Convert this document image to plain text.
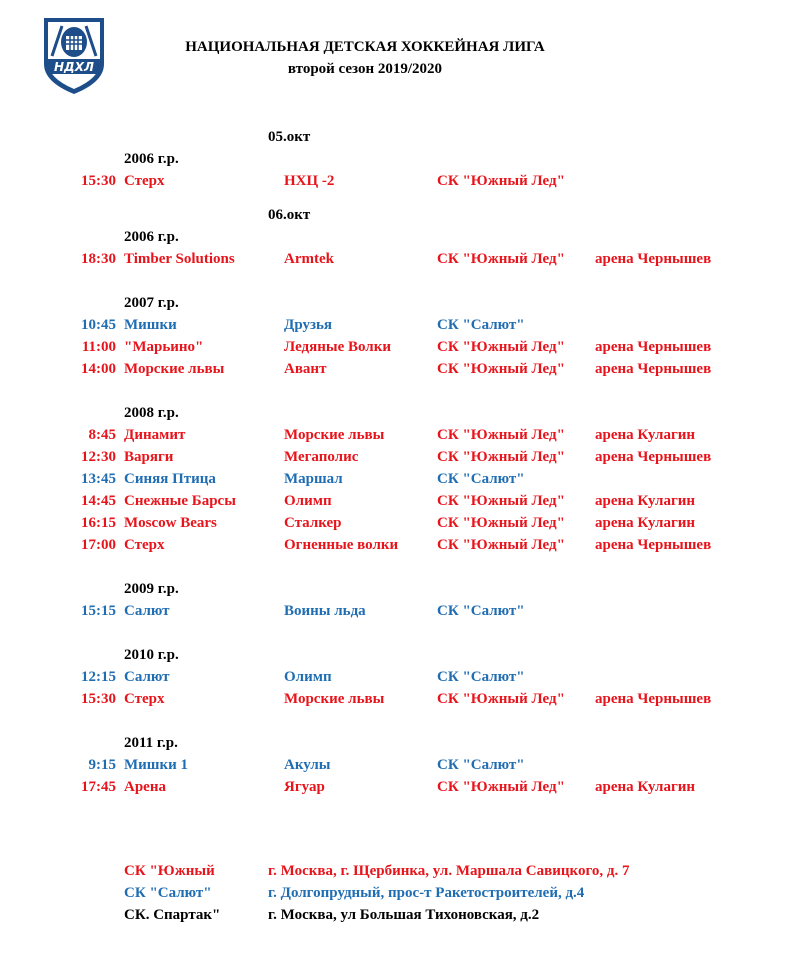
НДХЛ
НАЦИОНАЛЬНАЯ ДЕТСКАЯ ХОККЕЙНАЯ ЛИГА
второй сезон 2019/2020
05.окт
2006 г.р.
15:30 Стерх	НХЦ -2	СК "Южный Лед"
06.окт
2006 г.р.
18:30 Timber Solutions	Armtek	СК "Южный Лед" арена Чернышев
2007 г.р.
10:45 Мишки	Друзья	СК "Салют"
11:00 "Марьино"	Ледяные Волки	СК "Южный Лед" арена Чернышев
14:00 Морские львы	Авант	СК "Южный Лед" арена Чернышев
2008 г.р.
8:45 Динамит	Морские львы	СК "Южный Лед" арена Кулагин
12:30 Варяги	Мегаполис	СК "Южный Лед" арена Чернышев
13:45 Синяя Птица	Маршал	СК "Салют"
14:45 Снежные Барсы	Олимп	СК "Южный Лед" арена Кулагин
16:15 Moscow Bears	Сталкер	СК "Южный Лед" арена Кулагин
17:00 Стерх	Огненные волки	СК "Южный Лед" арена Чернышев
2009 г.р.
15:15 Салют	Воины льда	СК "Салют"
2010 г.р.
12:15 Салют	Олимп	СК "Салют"
15:30 Стерх	Морские львы	СК "Южный Лед" арена Чернышев
2011 г.р.
9:15 Мишки 1	Акулы	СК "Салют"
17:45 Арена	Ягуар	СК "Южный Лед" арена Кулагин
СК "Южный	г. Москва, г. Щербинка, ул. Маршала Савицкого, д. 7
СК "Салют"	г. Долгопрудный, прос-т Ракетостроителей, д.4
СК. Спартак"	г. Москва, ул Большая Тихоновская, д.2
